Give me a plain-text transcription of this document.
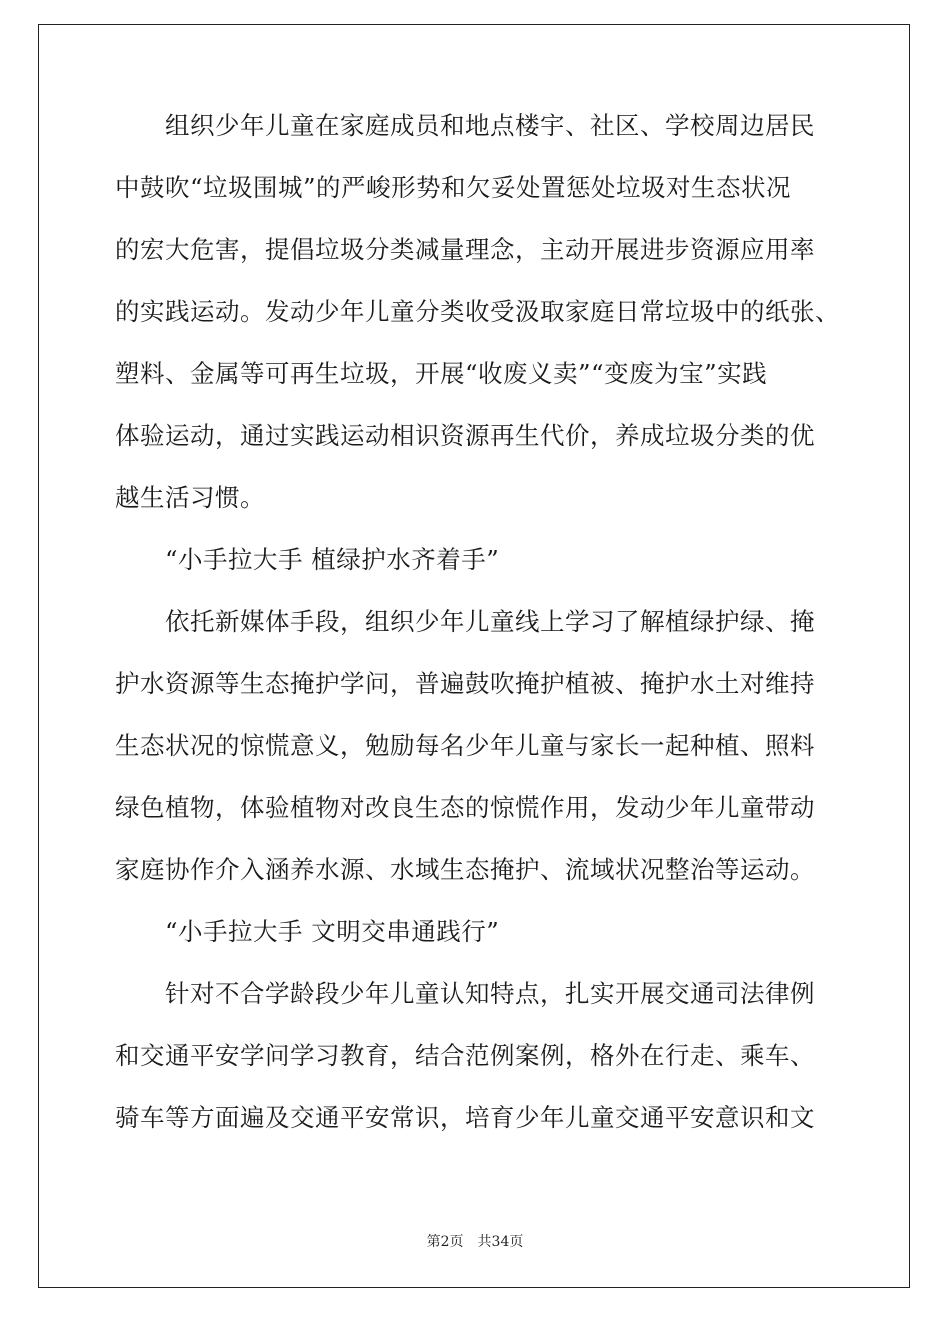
组织少年儿童在家庭成员和地点楼宇、社区、学校周边居民
中鼓吹“垃圾围城”的严峻形势和欠妥处置惩处垃圾对生态状况
的宏大危害，提倡垃圾分类减量理念，主动开展进步资源应用率
的实践运动。发动少年儿童分类收受汲取家庭日常垃圾中的纸张、
塑料、金属等可再生垃圾，开展“收废义卖”“变废为宝”实践
体验运动，通过实践运动相识资源再生代价，养成垃圾分类的优
越生活习惯。
“小手拉大手 植绿护水齐着手”
依托新媒体手段，组织少年儿童线上学习了解植绿护绿、掩
护水资源等生态掩护学问，普遍鼓吹掩护植被、掩护水土对维持
生态状况的惊慌意义，勉励每名少年儿童与家长一起种植、照料
绿色植物，体验植物对改良生态的惊慌作用，发动少年儿童带动
家庭协作介入涵养水源、水域生态掩护、流域状况整治等运动。
“小手拉大手 文明交串通践行”
针对不合学龄段少年儿童认知特点，扎实开展交通司法律例
和交通平安学问学习教育，结合范例案例，格外在行走、乘车、
骑车等方面遍及交通平安常识，培育少年儿童交通平安意识和文
第2页 共34页
